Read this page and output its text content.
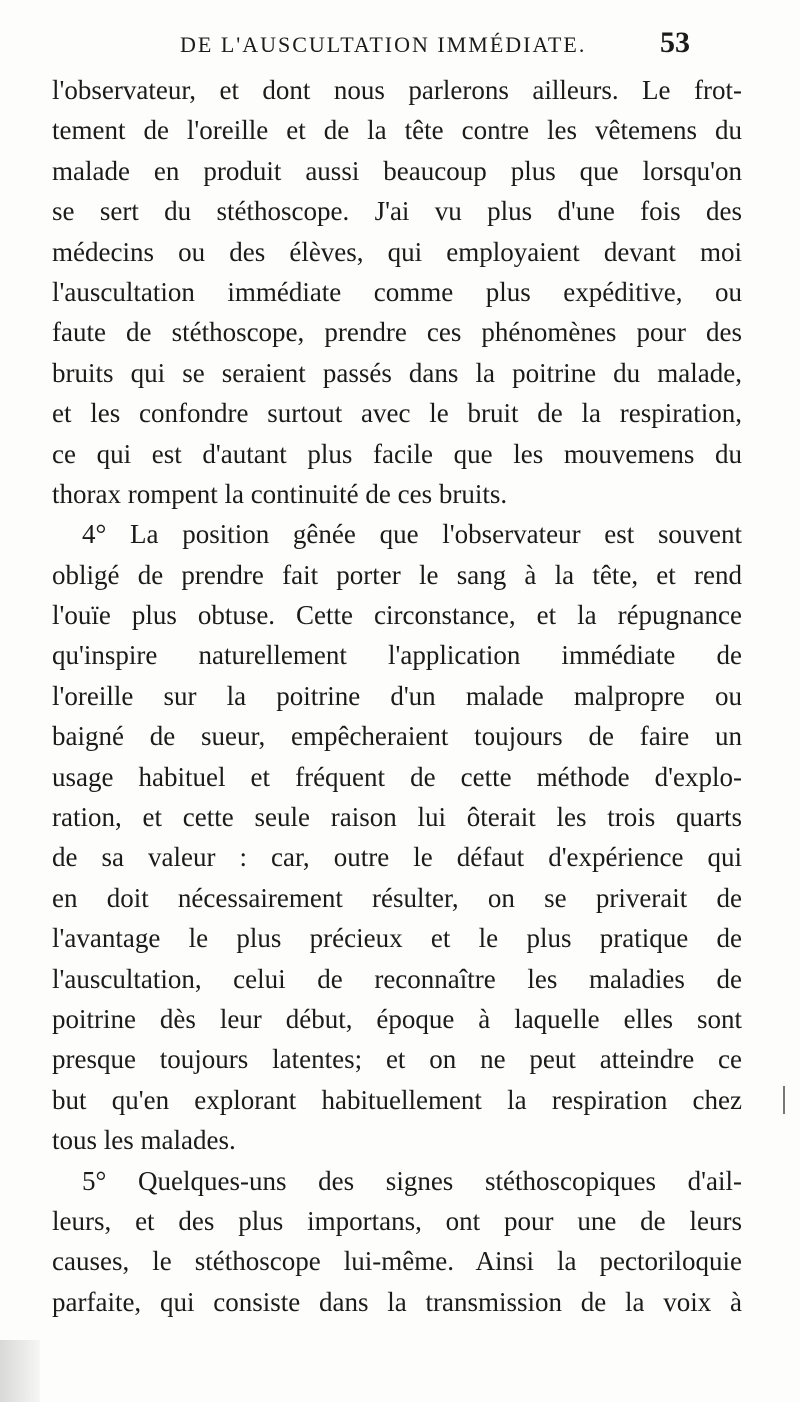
DE L'AUSCULTATION IMMÉDIATE. 53
l'observateur, et dont nous parlerons ailleurs. Le frot-
tement de l'oreille et de la tête contre les vêtemens du
malade en produit aussi beaucoup plus que lorsqu'on
se sert du stéthoscope. J'ai vu plus d'une fois des
médecins ou des élèves, qui employaient devant moi
l'auscultation immédiate comme plus expéditive, ou
faute de stéthoscope, prendre ces phénomènes pour des
bruits qui se seraient passés dans la poitrine du malade,
et les confondre surtout avec le bruit de la respiration,
ce qui est d'autant plus facile que les mouvemens du
thorax rompent la continuité de ces bruits.
4° La position gênée que l'observateur est souvent
obligé de prendre fait porter le sang à la tête, et rend
l'ouïe plus obtuse. Cette circonstance, et la répugnance
qu'inspire naturellement l'application immédiate de
l'oreille sur la poitrine d'un malade malpropre ou
baigné de sueur, empêcheraient toujours de faire un
usage habituel et fréquent de cette méthode d'explo-
ration, et cette seule raison lui ôterait les trois quarts
de sa valeur : car, outre le défaut d'expérience qui
en doit nécessairement résulter, on se priverait de
l'avantage le plus précieux et le plus pratique de
l'auscultation, celui de reconnaître les maladies de
poitrine dès leur début, époque à laquelle elles sont
presque toujours latentes; et on ne peut atteindre ce
but qu'en explorant habituellement la respiration chez
tous les malades.
5° Quelques-uns des signes stéthoscopiques d'ail-
leurs, et des plus importans, ont pour une de leurs
causes, le stéthoscope lui-même. Ainsi la pectoriloquie
parfaite, qui consiste dans la transmission de la voix à
